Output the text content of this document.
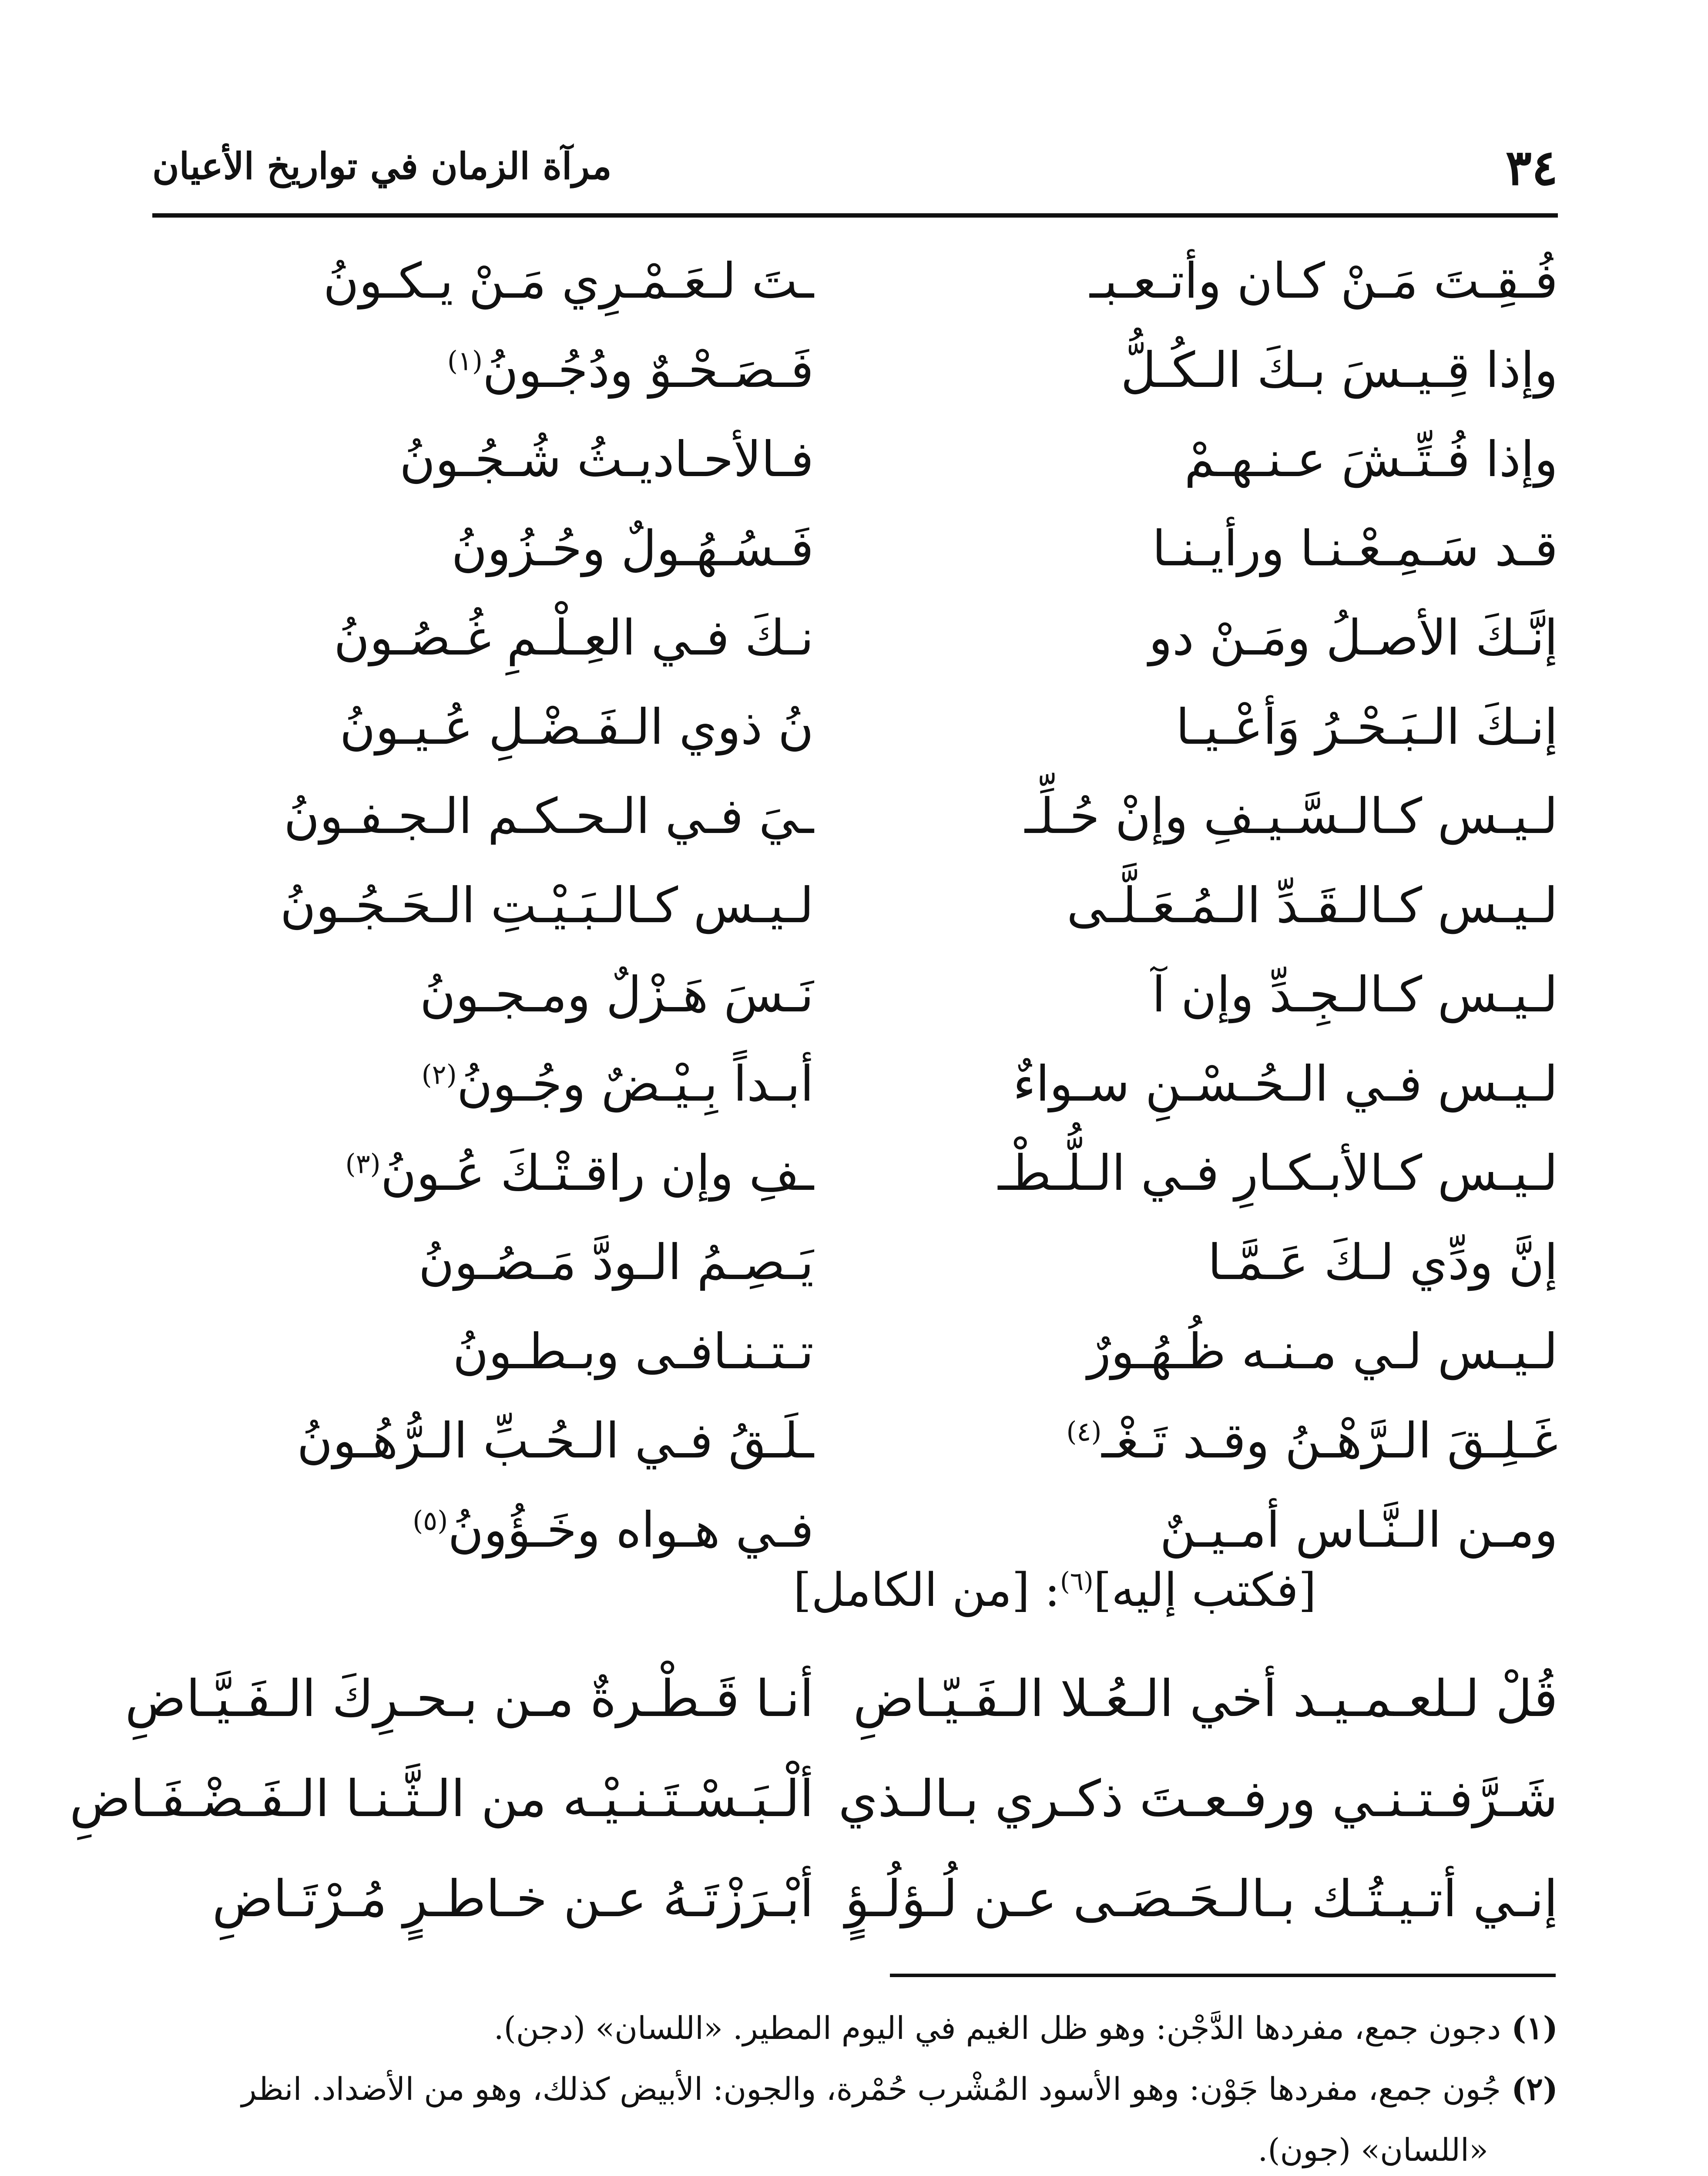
٣٤
مرآة الزمان في تواريخ الأعيان
فُـقِـتَ مَـنْ كـان وأتـعـبـ
ـتَ لـعَـمْـرِي مَـنْ يـكـونُ
وإذا قِـيـسَ بـكَ الـكُـلُّ
فَـصَـحْـوٌ ودُجُـونُ$^{(١)}$
وإذا فُـتِّـشَ عـنـهـمْ
فـالأحـاديـثُ شُـجُـونُ
قـد سَـمِـعْـنـا ورأيـنـا
فَـسُـهُـولٌ وحُـزُونُ
إنَّـكَ الأصـلُ ومَـنْ دو
نـكَ فـي العِـلْـمِ غُـصُـونُ
إنـكَ الـبَـحْـرُ وَأعْـيـا
نُ ذوي الـفَـضْـلِ عُـيـونُ
لـيـس كـالـسَّـيـفِ وإنْ حُـلِّـ
ـيَ فـي الـحـكـم الـجـفـونُ
لـيـس كـالـقَـدِّ الـمُـعَـلَّـى
لـيـس كـالـبَـيْـتِ الـحَـجُـونُ
لـيـس كـالـجِـدِّ وإن آ
نَـسَ هَـزْلٌ ومـجـونُ
لـيـس فـي الـحُـسْـنِ سـواءٌ
أبـداً بِـيْـضٌ وجُـونُ$^{(٢)}$
لـيـس كـالأبـكـارِ فـي الـلُّـطْـ
ـفِ وإن راقـتْـكَ عُـونُ$^{(٣)}$
إنَّ ودِّي لـكَ عَـمَّـا
يَـصِـمُ الـودَّ مَـصُـونُ
لـيـس لـي مـنـه ظُـهُـورٌ
تـتـنـافـى وبـطـونُ
غَـلِـقَ الـرَّهْـنُ وقـد تَـغْـ$^{(٤)}$
ـلَـقُ فـي الـحُـبِّ الـرُّهُـونُ
ومـن الـنَّـاس أمـيـنٌ
فـي هـواه وخَـؤُونُ$^{(٥)}$
[فكتب إليه]$^{(٦)}$: [من الكامل]
قُلْ لـلعـمـيـد أخي الـعُـلا الـفَـيّـاضِ
أنـا قَـطْـرةٌ مـن بـحـرِكَ الـفَـيَّـاضِ
شَـرَّفـتـنـي ورفـعـتَ ذكـري بـالـذي
ألْـبَـسْـتَـنـيْـه من الـثَّـنـا الـفَـضْـفَـاضِ
إنـي أتـيـتُـك بـالـحَـصَـى عـن لُـؤلُـؤٍ
أبْـرَزْتَـهُ عـن خـاطـرٍ مُـرْتَـاضِ
(١)دجون جمع، مفردها الدَّجْن: وهو ظل الغيم في اليوم المطير. «اللسان» (دجن).
(٢)جُون جمع، مفردها جَوْن: وهو الأسود المُشْرب حُمْرة، والجون: الأبيض كذلك، وهو من الأضداد. انظر
«اللسان» (جون).
